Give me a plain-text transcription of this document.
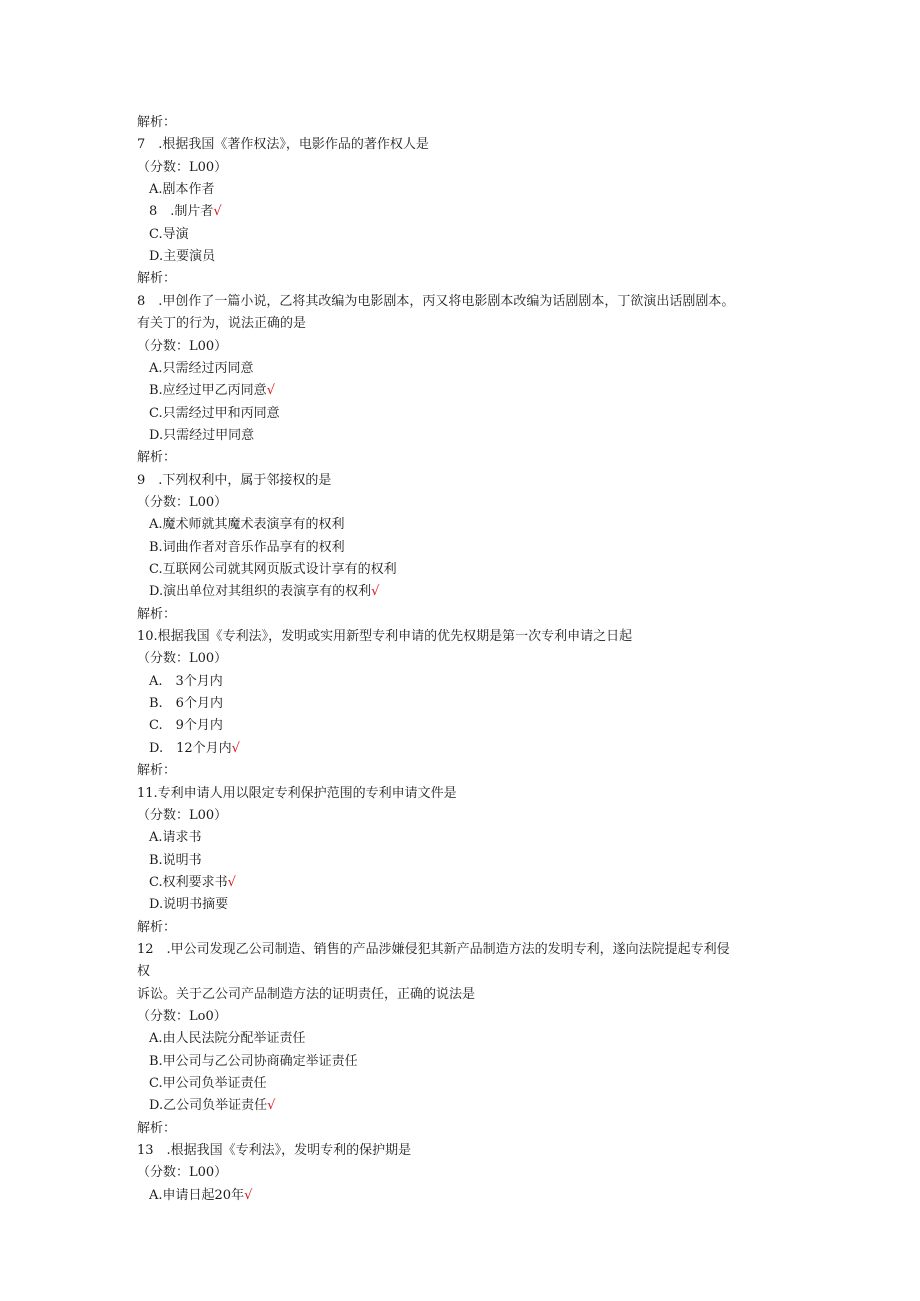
解析：
7　.根据我国《著作权法》，电影作品的著作权人是
（分数：L00）
A.剧本作者
8　.制片者√
C.导演
D.主要演员
解析：
8　.甲创作了一篇小说，乙将其改编为电影剧本，丙又将电影剧本改编为话剧剧本，丁欲演出话剧剧本。
有关丁的行为，说法正确的是
（分数：L00）
A.只需经过丙同意
B.应经过甲乙丙同意√
C.只需经过甲和丙同意
D.只需经过甲同意
解析：
9　.下列权利中，属于邻接权的是
（分数：L00）
A.魔术师就其魔术表演享有的权利
B.词曲作者对音乐作品享有的权利
C.互联网公司就其网页版式设计享有的权利
D.演出单位对其组织的表演享有的权利√
解析：
10.根据我国《专利法》，发明或实用新型专利申请的优先权期是第一次专利申请之日起
（分数：L00）
A.　3个月内
B.　6个月内
C.　9个月内
D.　12个月内√
解析：
11.专利申请人用以限定专利保护范围的专利申请文件是
（分数：L00）
A.请求书
B.说明书
C.权利要求书√
D.说明书摘要
解析：
12　.甲公司发现乙公司制造、销售的产品涉嫌侵犯其新产品制造方法的发明专利，遂向法院提起专利侵
权
诉讼。关于乙公司产品制造方法的证明责任，正确的说法是
（分数：Lo0）
A.由人民法院分配举证责任
B.甲公司与乙公司协商确定举证责任
C.甲公司负举证责任
D.乙公司负举证责任√
解析：
13　.根据我国《专利法》，发明专利的保护期是
（分数：L00）
A.申请日起20年√
